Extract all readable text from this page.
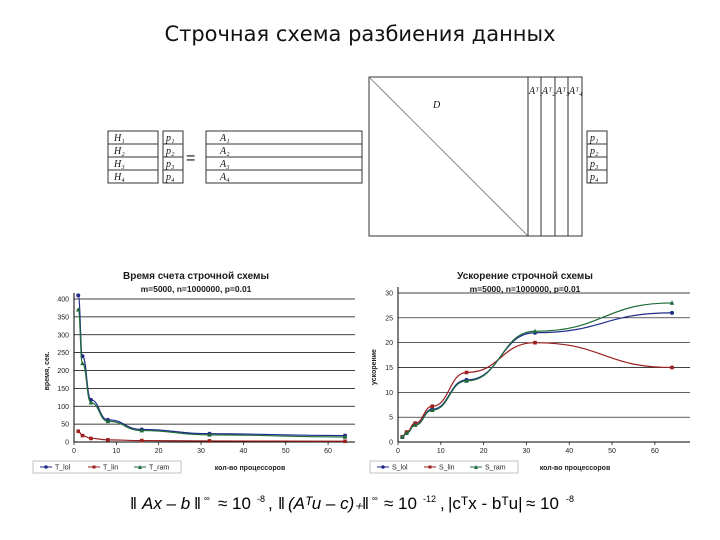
Строчная схема разбиения данных
H₁
H₂
H₃
H₄
p₁
p₂
p₃
p₄
=
A₁
A₂
A₃
A₄
D
Aᵀ₁ Aᵀ₂ Aᵀ₃ Aᵀ₄
p₁
p₂
p₃
p₄
Время счета строчной схемы
m=5000, n=1000000, p=0.01
время, сек.
кол-во процессоров
0
50
100
150
200
250
300
350
400
0	10	20	30	40	50	60
T_lol	T_lin	T_ram
Ускорение строчной схемы
m=5000, n=1000000, p=0.01
ускорение
кол-во процессоров
0
5
10
15
20
25
30
0	10	20	30	40	50	60
S_lol	S_lin	S_ram
‖ Ax – b ‖ ∞ ≈ 10 -8 , ‖ (Aᵀu – c)₊
‖ ∞ ≈ 10 -12 , |cᵀx - bᵀu| ≈ 10 -8
